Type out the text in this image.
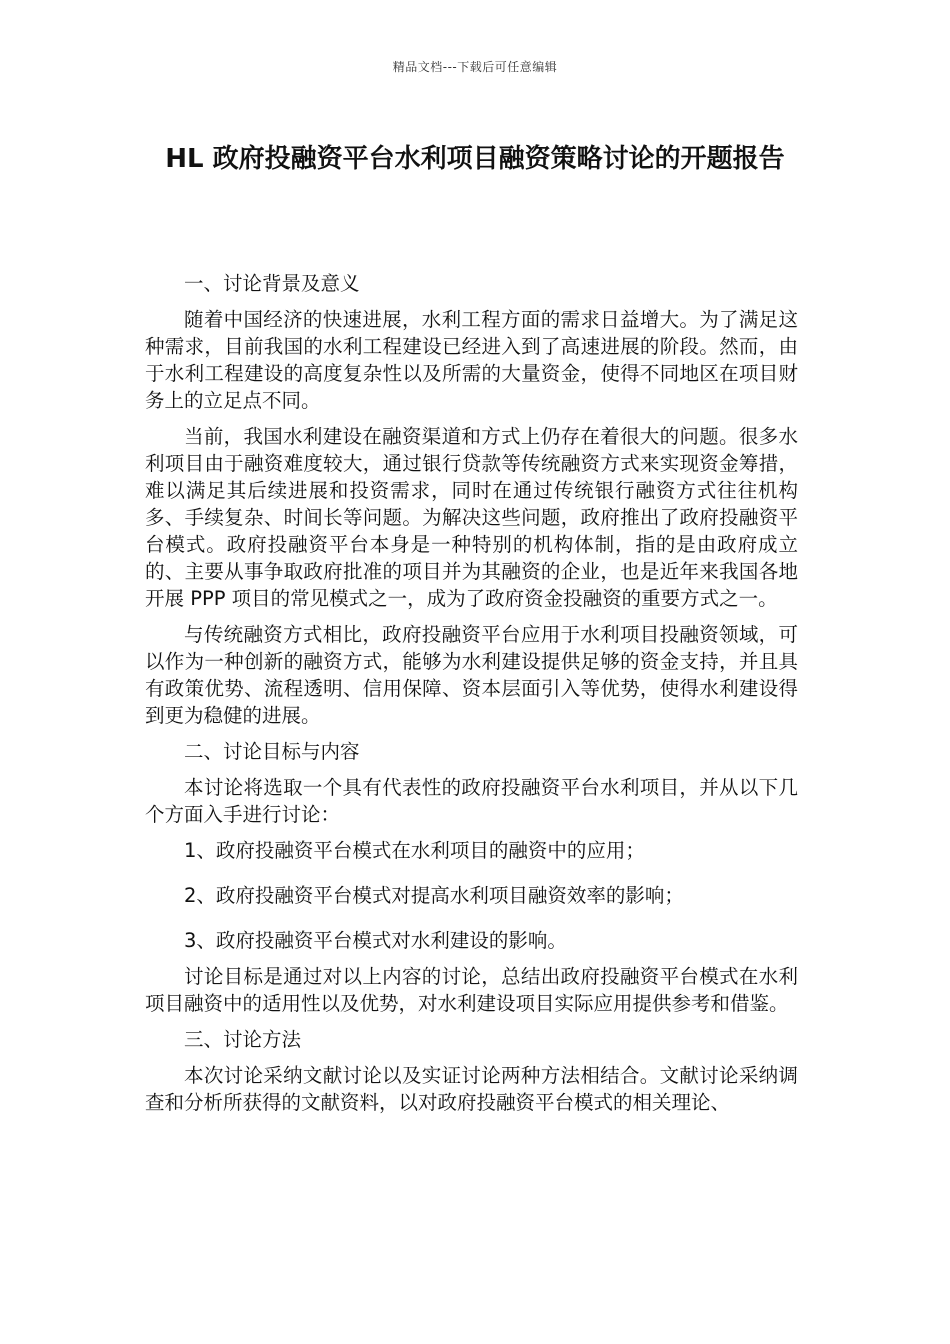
精品文档---下载后可任意编辑
HL 政府投融资平台水利项目融资策略讨论的开题报告

一、讨论背景及意义

随着中国经济的快速进展，水利工程方面的需求日益增大。为了满足这种需求，目前我国的水利工程建设已经进入到了高速进展的阶段。然而，由于水利工程建设的高度复杂性以及所需的大量资金，使得不同地区在项目财务上的立足点不同。

当前，我国水利建设在融资渠道和方式上仍存在着很大的问题。很多水利项目由于融资难度较大，通过银行贷款等传统融资方式来实现资金筹措，难以满足其后续进展和投资需求，同时在通过传统银行融资方式往往机构多、手续复杂、时间长等问题。为解决这些问题，政府推出了政府投融资平台模式。政府投融资平台本身是一种特别的机构体制，指的是由政府成立的、主要从事争取政府批准的项目并为其融资的企业，也是近年来我国各地开展 PPP 项目的常见模式之一，成为了政府资金投融资的重要方式之一。

与传统融资方式相比，政府投融资平台应用于水利项目投融资领域，可以作为一种创新的融资方式，能够为水利建设提供足够的资金支持，并且具有政策优势、流程透明、信用保障、资本层面引入等优势，使得水利建设得到更为稳健的进展。

二、讨论目标与内容

本讨论将选取一个具有代表性的政府投融资平台水利项目，并从以下几个方面入手进行讨论：

1、政府投融资平台模式在水利项目的融资中的应用；

2、政府投融资平台模式对提高水利项目融资效率的影响；

3、政府投融资平台模式对水利建设的影响。

讨论目标是通过对以上内容的讨论，总结出政府投融资平台模式在水利项目融资中的适用性以及优势，对水利建设项目实际应用提供参考和借鉴。

三、讨论方法

本次讨论采纳文献讨论以及实证讨论两种方法相结合。文献讨论采纳调查和分析所获得的文献资料，以对政府投融资平台模式的相关理论、
